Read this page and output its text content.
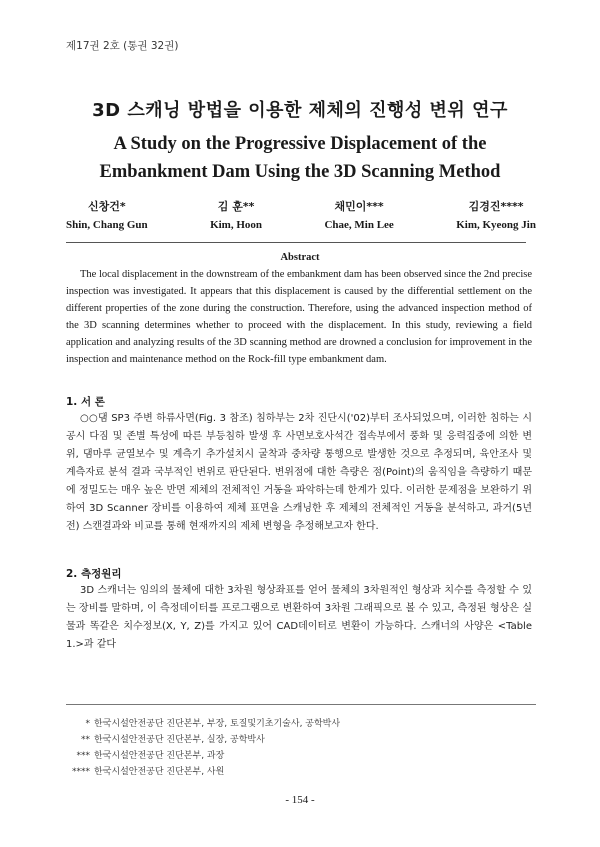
제17권 2호 (통권 32권)
3D 스캐닝 방법을 이용한 제체의 진행성 변위 연구
A Study on the Progressive Displacement of the
Embankment Dam Using the 3D Scanning Method
신창건*
Shin, Chang Gun
김 훈**
Kim, Hoon
채민이***
Chae, Min Lee
김경진****
Kim, Kyeong Jin
Abstract
The local displacement in the downstream of the embankment dam has been observed since the 2nd precise inspection was investigated. It appears that this displacement is caused by the differential settlement on the different properties of the zone during the construction. Therefore, using the advanced inspection method of the 3D scanning determines whether to proceed with the displacement. In this study, reviewing a field application and analyzing results of the 3D scanning method are drowned a conclusion for improvement in the inspection and maintenance method on the Rock-fill type embankment dam.
1. 서 론
○○댐 SP3 주변 하류사면(Fig. 3 참조) 침하부는 2차 진단시('02)부터 조사되었으며, 이러한 침하는 시공시 다짐 및 존별 특성에 따른 부등침하 발생 후 사면보호사석간 접속부에서 풍화 및 응력집중에 의한 변위, 댐마루 균열보수 및 계측기 추가설치시 굴착과 중차량 통행으로 발생한 것으로 추정되며, 육안조사 및 계측자료 분석 결과 국부적인 변위로 판단된다. 변위점에 대한 측량은 점(Point)의 움직임을 측량하기 때문에 정밀도는 매우 높은 반면 제체의 전체적인 거동을 파악하는데 한계가 있다. 이러한 문제점을 보완하기 위하여 3D Scanner 장비를 이용하여 제체 표면을 스캐닝한 후 제체의 전체적인 거동을 분석하고, 과거(5년전) 스캔결과와 비교를 통해 현재까지의 제체 변형을 추정해보고자 한다.
2. 측정원리
3D 스캐너는 임의의 물체에 대한 3차원 형상좌표를 얻어 물체의 3차원적인 형상과 치수를 측정할 수 있는 장비를 말하며, 이 측정데이터를 프로그램으로 변환하여 3차원 그래픽으로 볼 수 있고, 측정된 형상은 실물과 똑같은 치수정보(X, Y, Z)를 가지고 있어 CAD데이터로 변환이 가능하다. 스캐너의 사양은 <Table 1.>과 같다
* 한국시설안전공단 진단본부, 부장, 토질및기초기술사, 공학박사
** 한국시설안전공단 진단본부, 실장, 공학박사
*** 한국시설안전공단 진단본부, 과장
**** 한국시설안전공단 진단본부, 사원
- 154 -
